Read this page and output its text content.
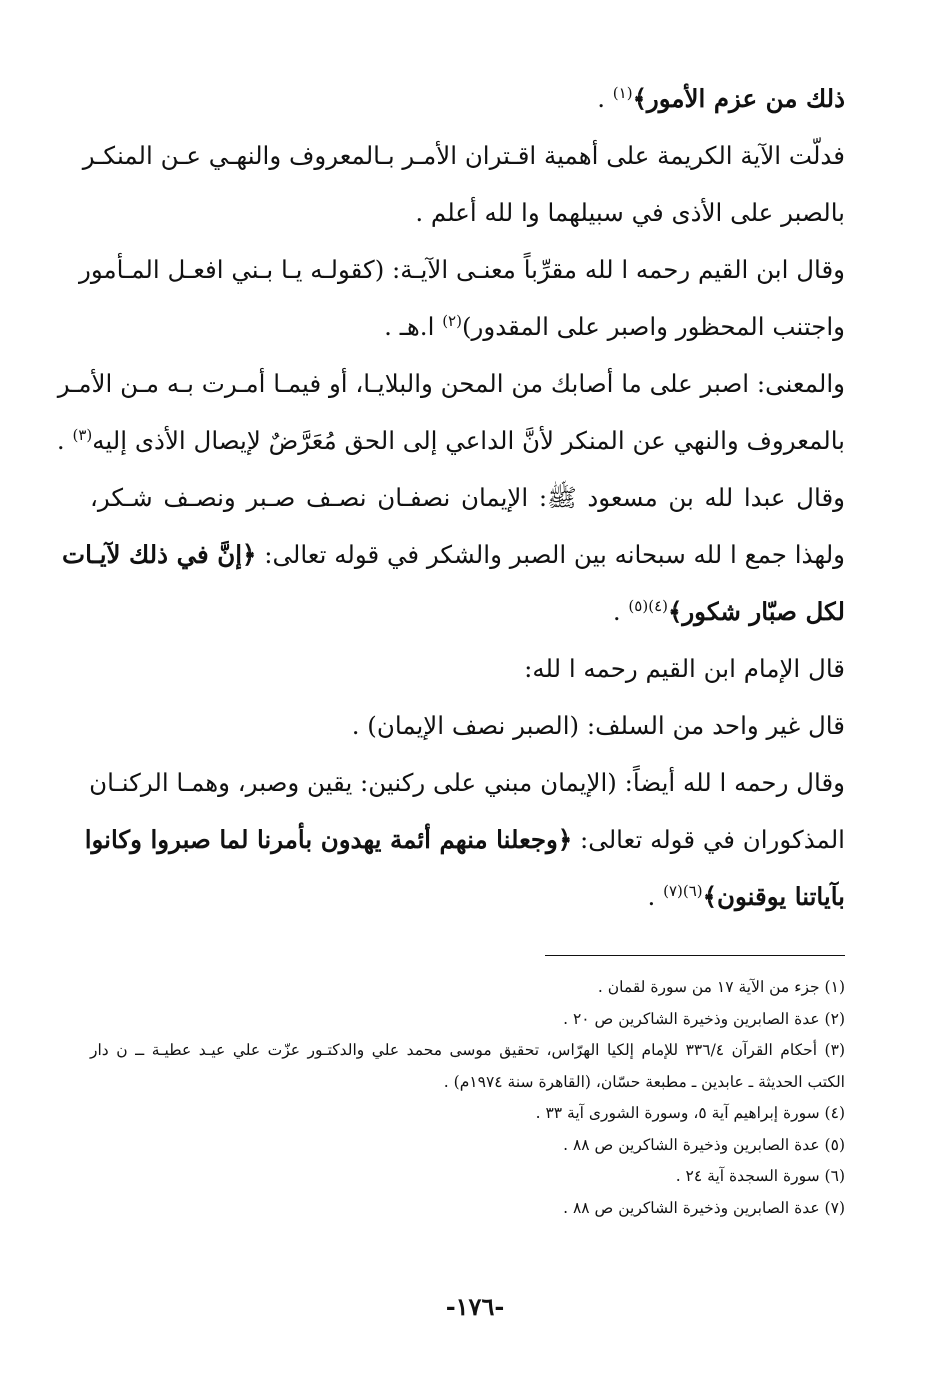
ذلك من عزم الأمور﴾$^{(١)}$ .
فدلّت الآية الكريمة على أهمية اقـتران الأمـر بـالمعروف والنهـي عـن المنكـر
بالصبر على الأذى في سبيلهما وا لله أعلم .
وقال ابن القيم رحمه ا لله مقرِّباً معنـى الآيـة: (كقولـه يـا بـني افعـل المـأمور
واجتنب المحظور واصبر على المقدور)$^{(٢)}$ ا.هـ .
والمعنى: اصبر على ما أصابك من المحن والبلايـا، أو فيمـا أمـرت بـه مـن الأمـر
بالمعروف والنهي عن المنكر لأنَّ الداعي إلى الحق مُعَرَّضٌ لإيصال الأذى إليه$^{(٣)}$ .
وقال عبدا لله بن مسعود ﷺ: الإيمان نصفـان نصـف صـبر ونصـف شـكر،
ولهذا جمع ا لله سبحانه بين الصبر والشكر في قوله تعالى: ﴿إنَّ في ذلك لآيـات
لكل صبّار شكور﴾$^{(٤)(٥)}$ .
قال الإمام ابن القيم رحمه ا لله:
قال غير واحد من السلف: (الصبر نصف الإيمان) .
وقال رحمه ا لله أيضاً: (الإيمان مبني على ركنين: يقين وصبر، وهمـا الركنـان
المذكوران في قوله تعالى: ﴿وجعلنا منهم أئمة يهدون بأمرنا لما صبروا وكانوا
بآياتنا يوقنون﴾$^{(٦)(٧)}$ .
(١) جزء من الآية ١٧ من سورة لقمان .
(٢) عدة الصابرين وذخيرة الشاكرين ص ٢٠ .
(٣) أحكام القرآن ٣٣٦/٤ للإمام إلكيا الهرّاس، تحقيق موسى محمد علي والدكتـور عزّت علي عيـد عطيـة ــ ن دار
الكتب الحديثة ـ عابدين ـ مطبعة حسّان، (القاهرة سنة ١٩٧٤م) .
(٤) سورة إبراهيم آية ٥، وسورة الشورى آية ٣٣ .
(٥) عدة الصابرين وذخيرة الشاكرين ص ٨٨ .
(٦) سورة السجدة آية ٢٤ .
(٧) عدة الصابرين وذخيرة الشاكرين ص ٨٨ .
-١٧٦-
